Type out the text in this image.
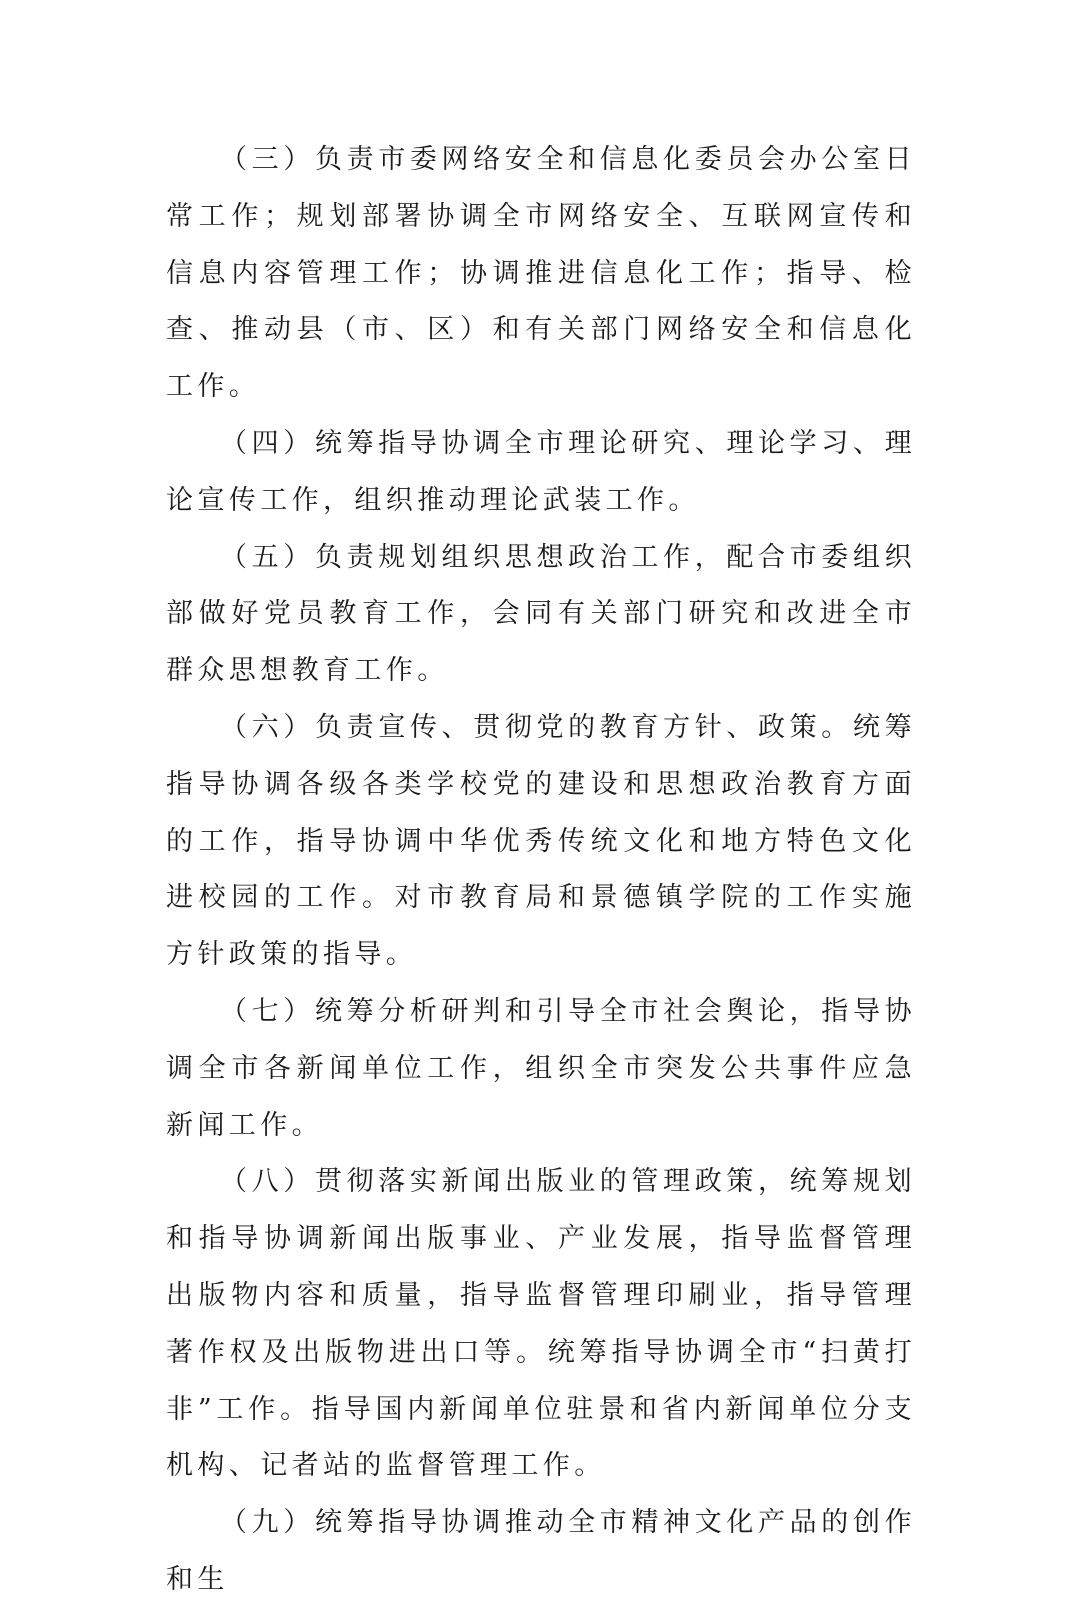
（三）负责市委网络安全和信息化委员会办公室日常工作；规划部署协调全市网络安全、互联网宣传和信息内容管理工作；协调推进信息化工作；指导、检查、推动县（市、区）和有关部门网络安全和信息化工作。

（四）统筹指导协调全市理论研究、理论学习、理论宣传工作，组织推动理论武装工作。

（五）负责规划组织思想政治工作，配合市委组织部做好党员教育工作，会同有关部门研究和改进全市群众思想教育工作。

（六）负责宣传、贯彻党的教育方针、政策。统筹指导协调各级各类学校党的建设和思想政治教育方面的工作，指导协调中华优秀传统文化和地方特色文化进校园的工作。对市教育局和景德镇学院的工作实施方针政策的指导。

（七）统筹分析研判和引导全市社会舆论，指导协调全市各新闻单位工作，组织全市突发公共事件应急新闻工作。

（八）贯彻落实新闻出版业的管理政策，统筹规划和指导协调新闻出版事业、产业发展，指导监督管理出版物内容和质量，指导监督管理印刷业，指导管理著作权及出版物进出口等。统筹指导协调全市“扫黄打非”工作。指导国内新闻单位驻景和省内新闻单位分支机构、记者站的监督管理工作。

（九）统筹指导协调推动全市精神文化产品的创作和生
